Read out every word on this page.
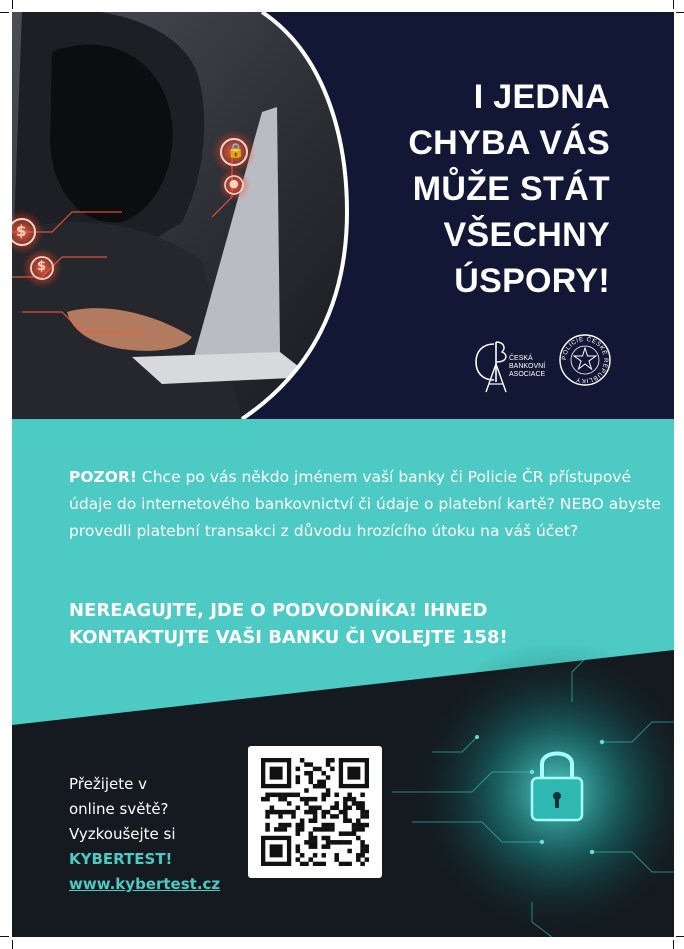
🔒
$
$
●
I JEDNA
CHYBA VÁS
MŮŽE STÁT
VŠECHNY
ÚSPORY!
ČESKÁ
BANKOVNÍ
ASOCIACE
POLICIE ČESKÉ REPUBLIKY

POZOR! Chce po vás někdo jménem vaší banky či Policie ČR přístupové údaje do internetového bankovnictví či údaje o platební kartě? NEBO abyste provedli platební transakci z důvodu hrozícího útoku na váš účet?

NEREAGUJTE, JDE O PODVODNÍKA! IHNED
KONTAKTUJTE VAŠI BANKU ČI VOLEJTE 158!
Přežijete v
online světě?
Vyzkoušejte si
KYBERTEST!
www.kybertest.cz
